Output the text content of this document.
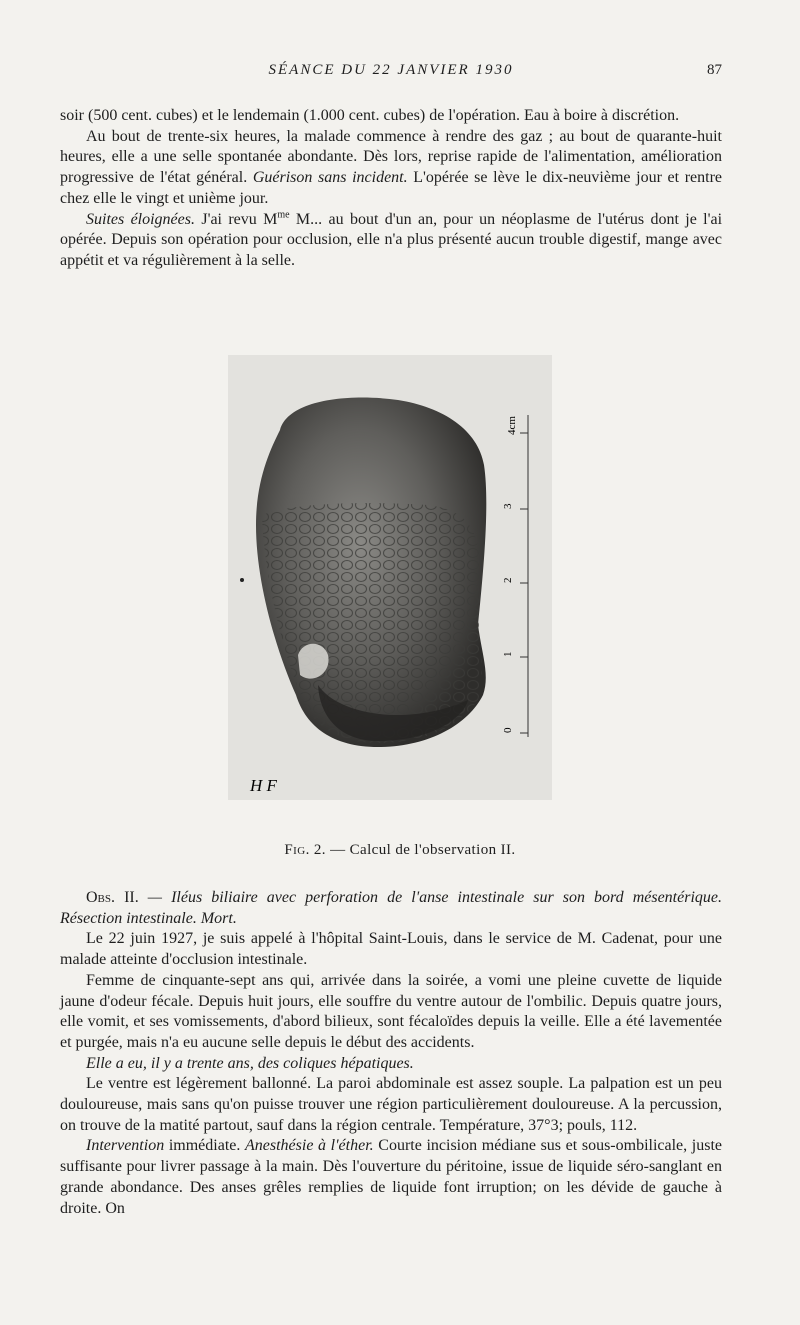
SÉANCE DU 22 JANVIER 1930	87

soir (500 cent. cubes) et le lendemain (1.000 cent. cubes) de l'opération. Eau à boire à discrétion.

Au bout de trente-six heures, la malade commence à rendre des gaz ; au bout de quarante-huit heures, elle a une selle spontanée abondante. Dès lors, reprise rapide de l'alimentation, amélioration progressive de l'état général. Guérison sans incident. L'opérée se lève le dix-neuvième jour et rentre chez elle le vingt et unième jour.

Suites éloignées. J'ai revu $M^{me}$ M... au bout d'un an, pour un néoplasme de l'utérus dont je l'ai opérée. Depuis son opération pour occlusion, elle n'a plus présenté aucun trouble digestif, mange avec appétit et va régulièrement à la selle.

0
1
2
3
4cm
H F
Fig. 2. — Calcul de l'observation II.

Obs. II. — Iléus biliaire avec perforation de l'anse intestinale sur son bord mésentérique. Résection intestinale. Mort.

Le 22 juin 1927, je suis appelé à l'hôpital Saint-Louis, dans le service de M. Cadenat, pour une malade atteinte d'occlusion intestinale.

Femme de cinquante-sept ans qui, arrivée dans la soirée, a vomi une pleine cuvette de liquide jaune d'odeur fécale. Depuis huit jours, elle souffre du ventre autour de l'ombilic. Depuis quatre jours, elle vomit, et ses vomissements, d'abord bilieux, sont fécaloïdes depuis la veille. Elle a été lavementée et purgée, mais n'a eu aucune selle depuis le début des accidents.

Elle a eu, il y a trente ans, des coliques hépatiques.

Le ventre est légèrement ballonné. La paroi abdominale est assez souple. La palpation est un peu douloureuse, mais sans qu'on puisse trouver une région particulièrement douloureuse. A la percussion, on trouve de la matité partout, sauf dans la région centrale. Température, 37°3; pouls, 112.

Intervention immédiate. Anesthésie à l'éther. Courte incision médiane sus et sous-ombilicale, juste suffisante pour livrer passage à la main. Dès l'ouverture du péritoine, issue de liquide séro-sanglant en grande abondance. Des anses grêles remplies de liquide font irruption; on les dévide de gauche à droite. On
